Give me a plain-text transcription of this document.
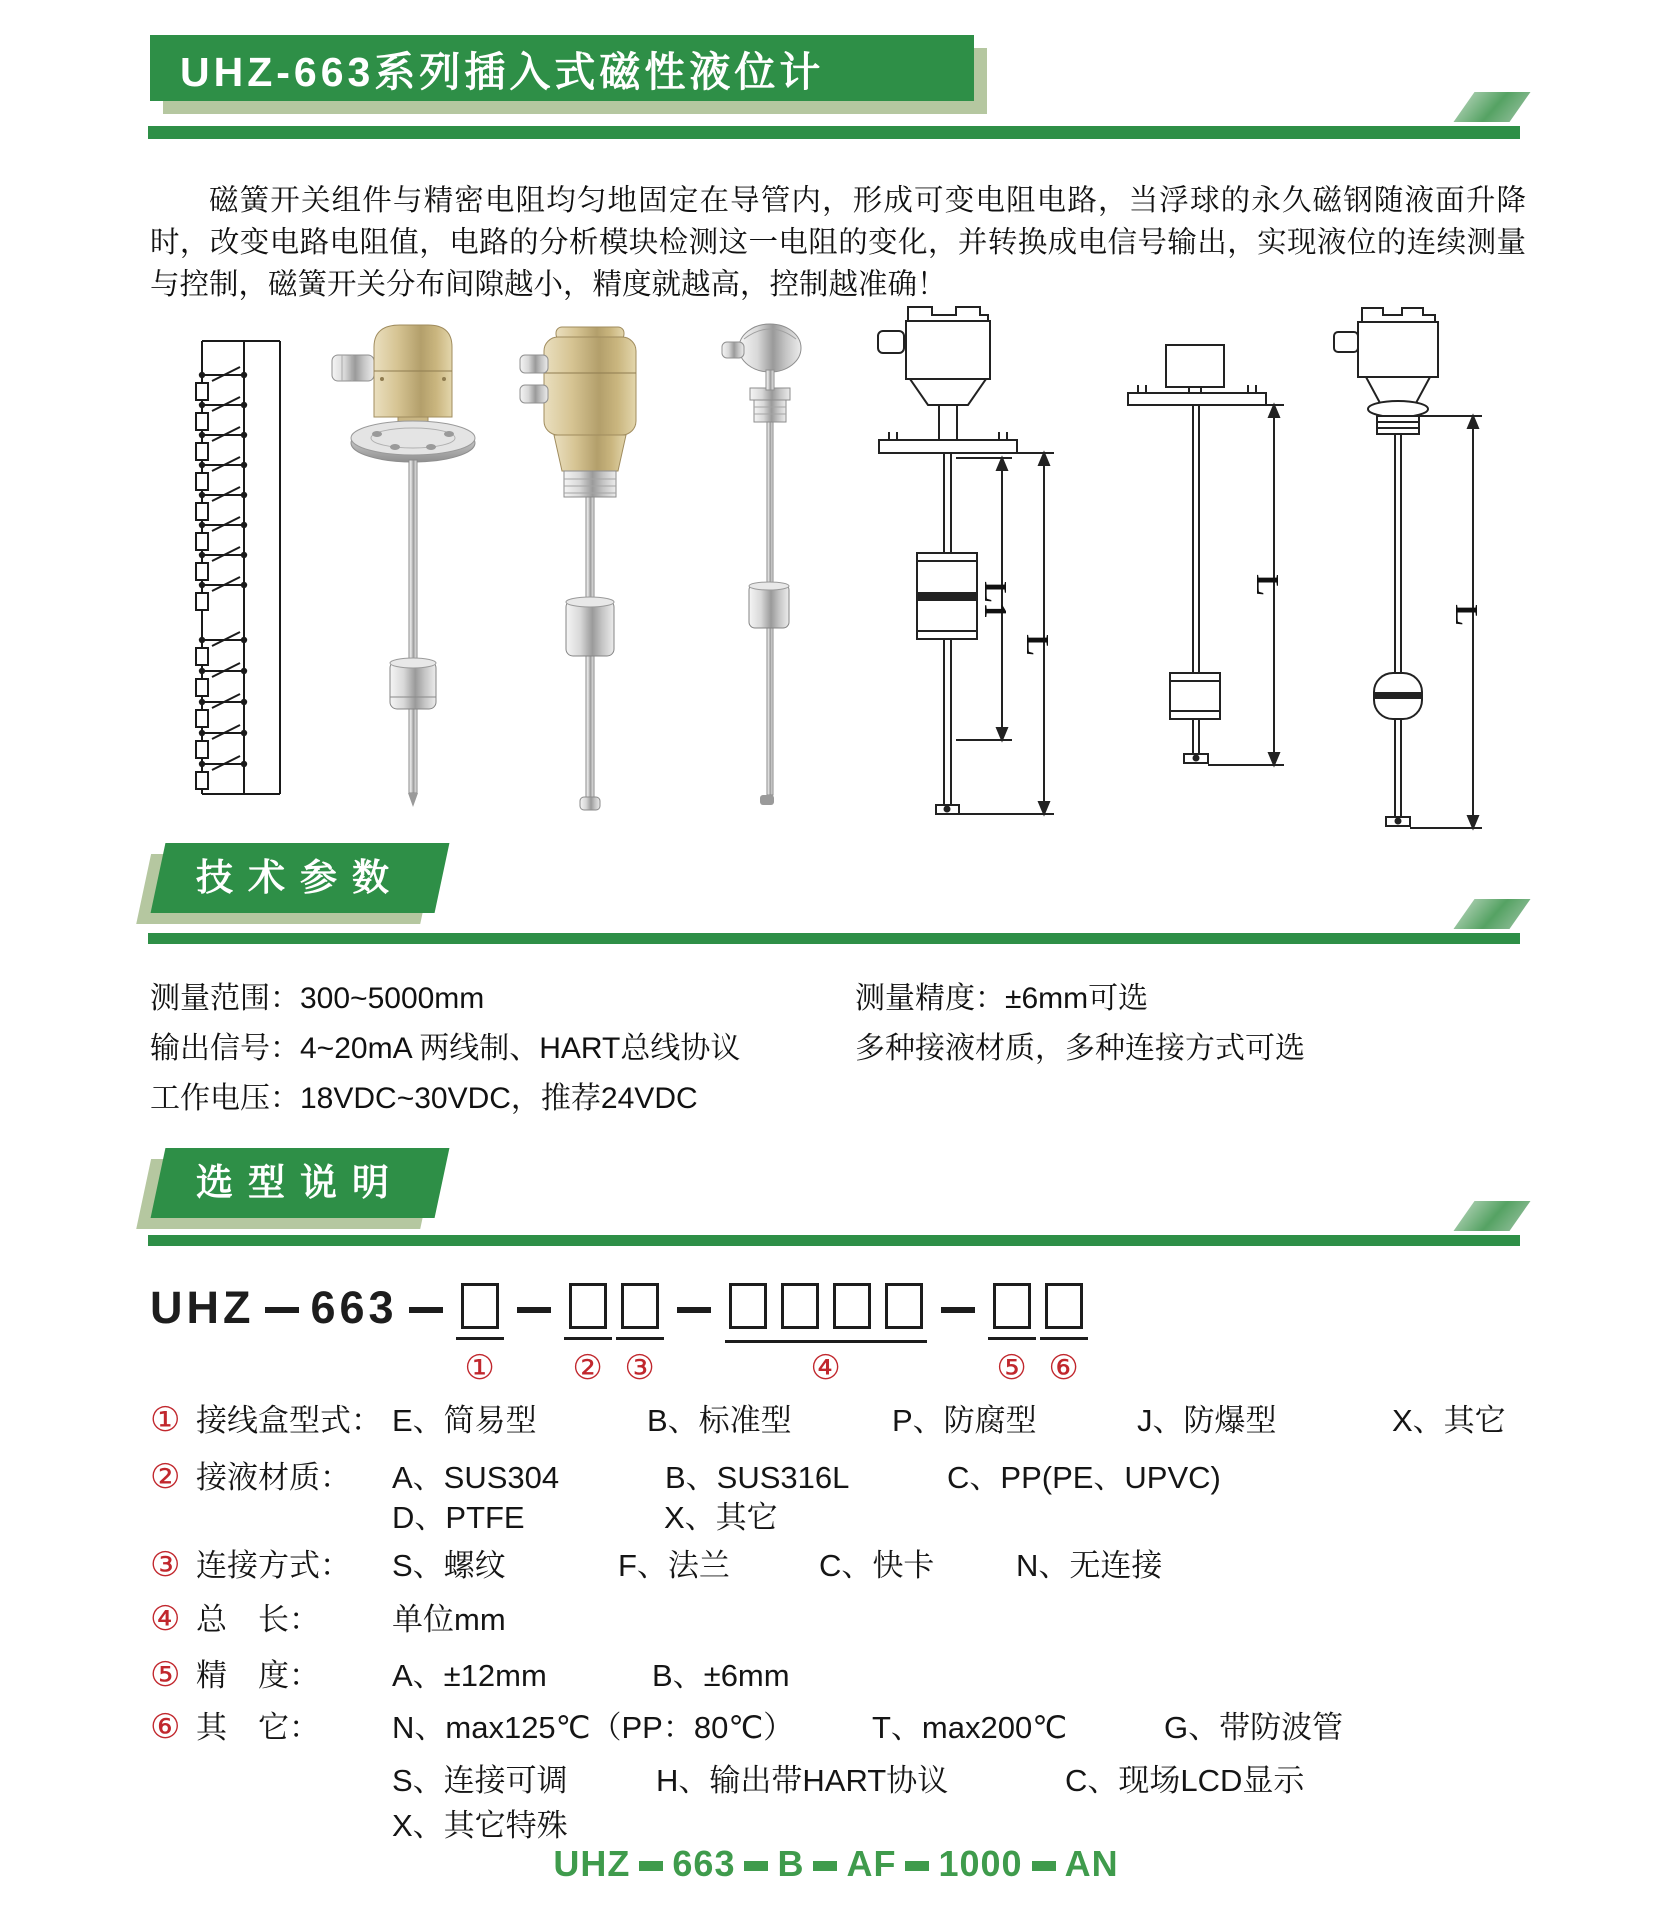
UHZ-663系列插入式磁性液位计

磁簧开关组件与精密电阻均匀地固定在导管内，形成可变电阻电路，当浮球的永久磁钢随液面升降时，改变电路电阻值，电路的分析模块检测这一电阻的变化，并转换成电信号输出，实现液位的连续测量与控制，磁簧开关分布间隙越小，精度就越高，控制越准确！

L1
L
L
L
技术参数
测量范围：300~5000mm
输出信号：4~20mA 两线制、HART总线协议
工作电压：18VDC~30VDC，推荐24VDC
测量精度：±6mm可选
多种接液材质，多种连接方式可选
选型说明
UHZ 663
① ② ③	④	⑤ ⑥
① 接线盒型式： E、简易型	B、标准型	P、防腐型	J、防爆型	X、其它
② 接液材质：	A、SUS304	B、SUS316L	C、PP(PE、UPVC)
D、PTFE	X、其它
③ 连接方式：	S、螺纹	F、法兰	C、快卡	N、无连接
④ 总　长：	单位mm
⑤ 精　度：	A、±12mm	B、±6mm
⑥ 其　它：	N、max125℃（PP：80℃）	T、max200℃	G、带防波管
S、连接可调	H、输出带HART协议	C、现场LCD显示
X、其它特殊
UHZ 663 B AF 1000 AN
